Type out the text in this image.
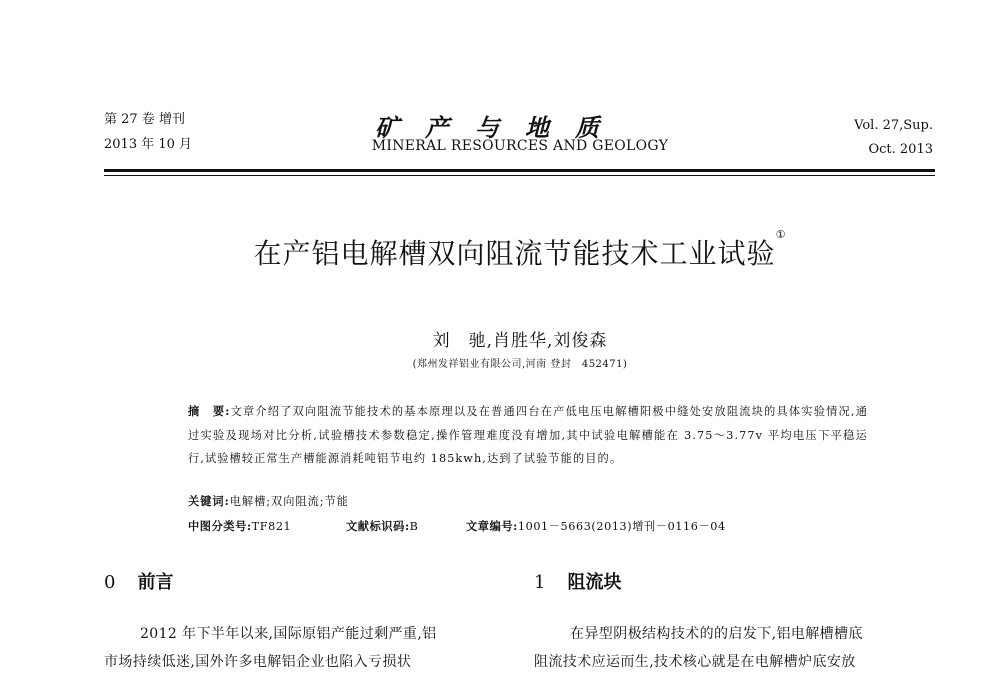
第 27 卷 增刊
2013 年 10 月
矿产与地质
MINERAL RESOURCES AND GEOLOGY
Vol. 27,Sup.
Oct. 2013
在产铝电解槽双向阻流节能技术工业试验①
刘　驰,肖胜华,刘俊森
(郑州发祥铝业有限公司,河南 登封　452471)
摘　要:文章介绍了双向阻流节能技术的基本原理以及在普通四台在产低电压电解槽阳极中缝处安放阻流块的具体实验情况,通过实验及现场对比分析,试验槽技术参数稳定,操作管理难度没有增加,其中试验电解槽能在 3.75～3.77v 平均电压下平稳运行,试验槽较正常生产槽能源消耗吨铝节电约 185kwh,达到了试验节能的目的。
关键词:电解槽;双向阻流;节能
中图分类号:TF821	文献标识码:B	文章编号:1001－5663(2013)增刊－0116－04
0 前言	1 阻流块
2012 年下半年以来,国际原铝产能过剩严重,铝
市场持续低迷,国外许多电解铝企业也陷入亏损状
在异型阴极结构技术的的启发下,铝电解槽槽底
阻流技术应运而生,技术核心就是在电解槽炉底安放
